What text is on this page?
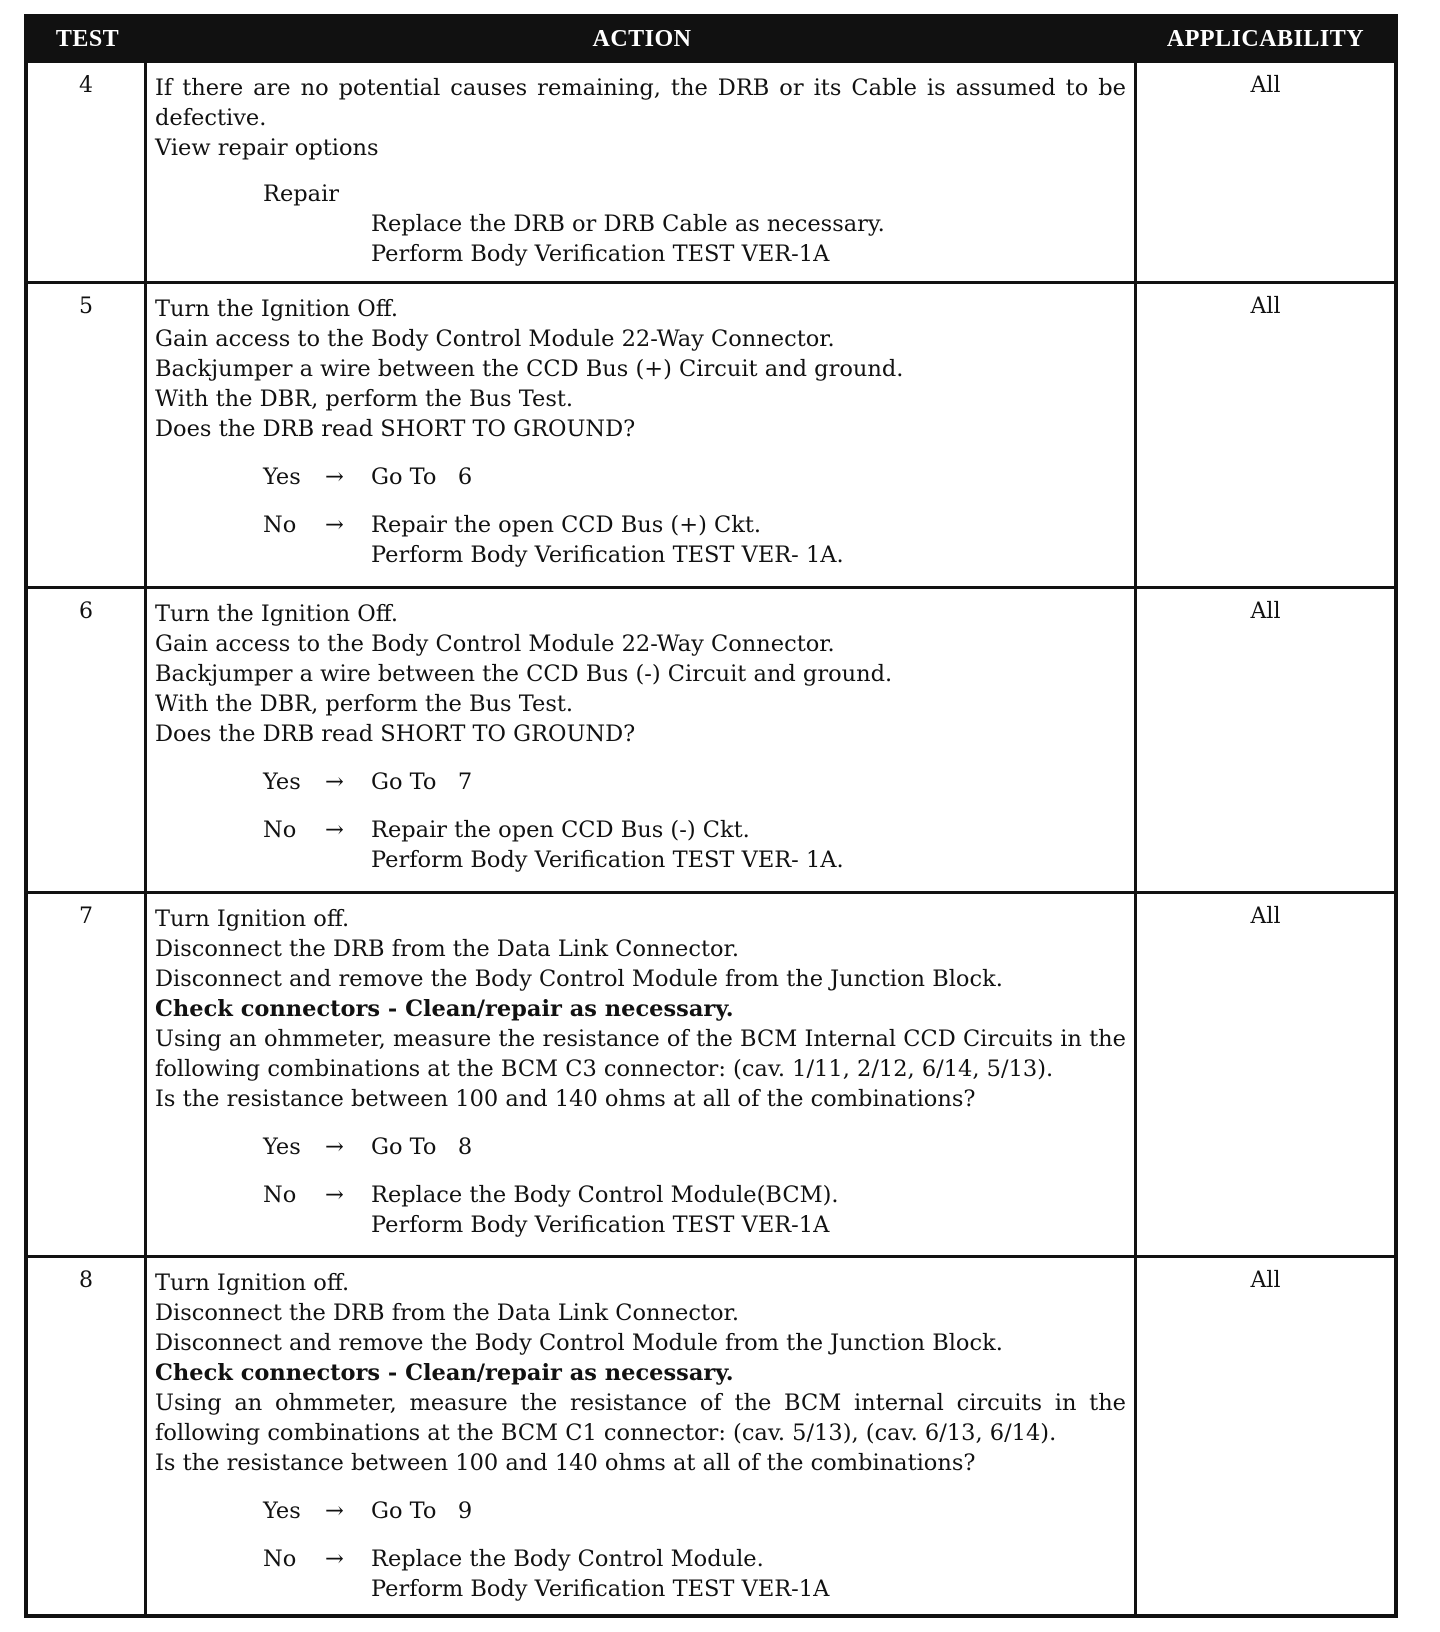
TEST	ACTION	APPLICABILITY
4	If there are no potential causes remaining, the DRB or its Cable is assumed to be
defective.
View repair options
Repair
Replace the DRB or DRB Cable as necessary.
Perform Body Verification TEST VER-1A
All
5	Turn the Ignition Off.
Gain access to the Body Control Module 22-Way Connector.
Backjumper a wire between the CCD Bus (+) Circuit and ground.
With the DBR, perform the Bus Test.
Does the DRB read SHORT TO GROUND?
Yes	→	Go To   6
No	→	Repair the open CCD Bus (+) Ckt.
Perform Body Verification TEST VER- 1A.
All
6	Turn the Ignition Off.
Gain access to the Body Control Module 22-Way Connector.
Backjumper a wire between the CCD Bus (-) Circuit and ground.
With the DBR, perform the Bus Test.
Does the DRB read SHORT TO GROUND?
Yes	→	Go To   7
No	→	Repair the open CCD Bus (-) Ckt.
Perform Body Verification TEST VER- 1A.
All
7	Turn Ignition off.
Disconnect the DRB from the Data Link Connector.
Disconnect and remove the Body Control Module from the Junction Block.
Check connectors - Clean/repair as necessary.
Using an ohmmeter, measure the resistance of the BCM Internal CCD Circuits in the
following combinations at the BCM C3 connector: (cav. 1/11, 2/12, 6/14, 5/13).
Is the resistance between 100 and 140 ohms at all of the combinations?
Yes	→	Go To   8
No	→	Replace the Body Control Module(BCM).
Perform Body Verification TEST VER-1A
All
8	Turn Ignition off.
Disconnect the DRB from the Data Link Connector.
Disconnect and remove the Body Control Module from the Junction Block.
Check connectors - Clean/repair as necessary.
Using an ohmmeter, measure the resistance of the BCM internal circuits in the
following combinations at the BCM C1 connector: (cav. 5/13), (cav. 6/13, 6/14).
Is the resistance between 100 and 140 ohms at all of the combinations?
Yes	→	Go To   9
No	→	Replace the Body Control Module.
Perform Body Verification TEST VER-1A
All
